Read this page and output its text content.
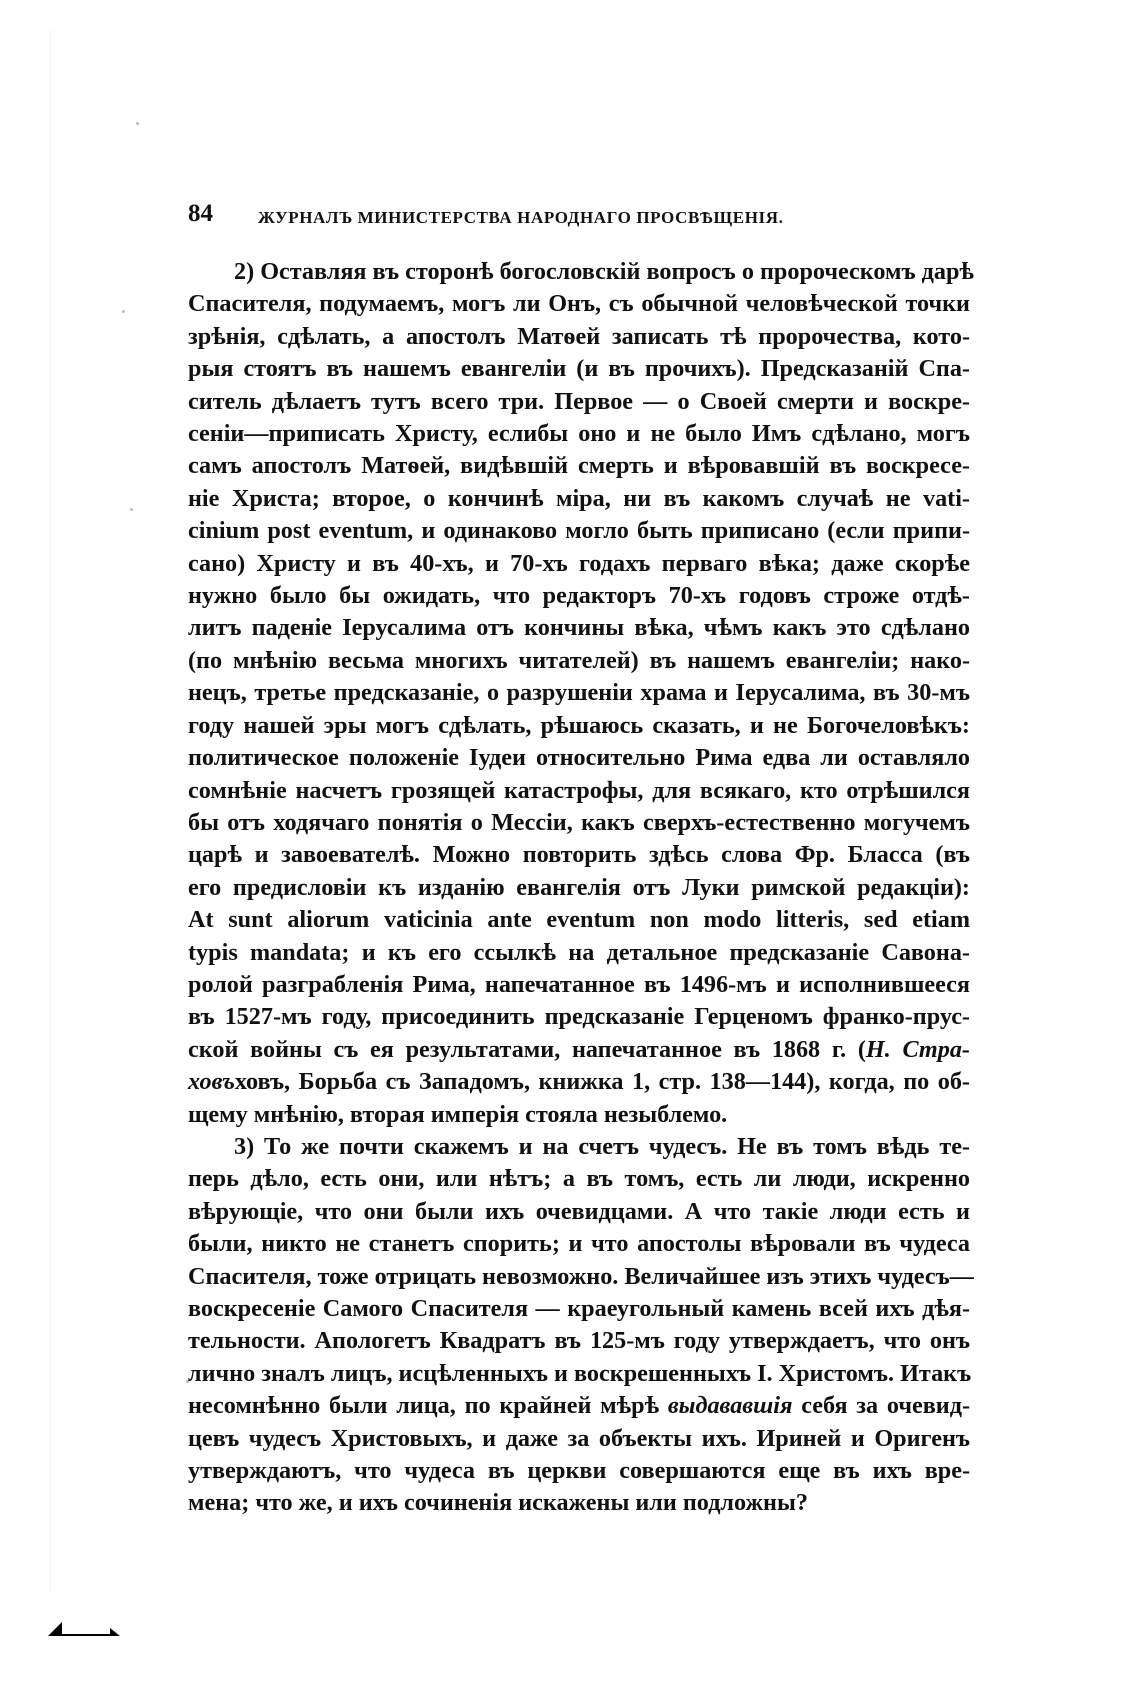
84	ЖУРНАЛЪ МИНИСТЕРСТВА НАРОДНАГО ПРОСВѢЩЕНІЯ.
2) Оставляя въ сторонѣ богословскій вопросъ о пророческомъ дарѣ
Спасителя, подумаемъ, могъ ли Онъ, съ обычной человѣческой точки
зрѣнія, сдѣлать, а апостолъ Матѳей записать тѣ пророчества, кото-
рыя стоятъ въ нашемъ евангеліи (и въ прочихъ). Предсказаній Спа-
ситель дѣлаетъ тутъ всего три. Первое — о Своей смерти и воскре-
сеніи—приписать Христу, еслибы оно и не было Имъ сдѣлано, могъ
самъ апостолъ Матѳей, видѣвшій смерть и вѣровавшій въ воскресе-
ніе Христа; второе, о кончинѣ міра, ни въ какомъ случаѣ не vati-
cinium post eventum, и одинаково могло быть приписано (если припи-
сано) Христу и въ 40-хъ, и 70-хъ годахъ перваго вѣка; даже скорѣе
нужно было бы ожидать, что редакторъ 70-хъ годовъ строже отдѣ-
литъ паденіе Іерусалима отъ кончины вѣка, чѣмъ какъ это сдѣлано
(по мнѣнію весьма многихъ читателей) въ нашемъ евангеліи; нако-
нецъ, третье предсказаніе, о разрушеніи храма и Іерусалима, въ 30-мъ
году нашей эры могъ сдѣлать, рѣшаюсь сказать, и не Богочеловѣкъ:
политическое положеніе Іудеи относительно Рима едва ли оставляло
сомнѣніе насчетъ грозящей катастрофы, для всякаго, кто отрѣшился
бы отъ ходячаго понятія о Мессіи, какъ сверхъ-естественно могучемъ
царѣ и завоевателѣ. Можно повторить здѣсь слова Фр. Бласса (въ
его предисловіи къ изданію евангелія отъ Луки римской редакціи):
At sunt aliorum vaticinia ante eventum non modo litteris, sed etiam
typis mandata; и къ его ссылкѣ на детальное предсказаніе Савона-
ролой разграбленія Рима, напечатанное въ 1496-мъ и исполнившееся
въ 1527-мъ году, присоединить предсказаніе Герценомъ франко-прус-
ской войны съ ея результатами, напечатанное въ 1868 г. (Н. Стра-
ховъховъ, Борьба съ Западомъ, книжка 1, стр. 138—144), когда, по об-
щему мнѣнію, вторая имперія стояла незыблемо.
3) То же почти скажемъ и на счетъ чудесъ. Не въ томъ вѣдь те-
перь дѣло, есть они, или нѣтъ; а въ томъ, есть ли люди, искренно
вѣрующіе, что они были ихъ очевидцами. А что такіе люди есть и
были, никто не станетъ спорить; и что апостолы вѣровали въ чудеса
Спасителя, тоже отрицать невозможно. Величайшее изъ этихъ чудесъ—
воскресеніе Самого Спасителя — краеугольный камень всей ихъ дѣя-
тельности. Апологетъ Квадратъ въ 125-мъ году утверждаетъ, что онъ
лично зналъ лицъ, исцѣленныхъ и воскрешенныхъ І. Христомъ. Итакъ
несомнѣнно были лица, по крайней мѣрѣ выдававшія себя за очевид-
цевъ чудесъ Христовыхъ, и даже за объекты ихъ. Ириней и Оригенъ
утверждаютъ, что чудеса въ церкви совершаются еще въ ихъ вре-
мена; что же, и ихъ сочиненія искажены или подложны?
